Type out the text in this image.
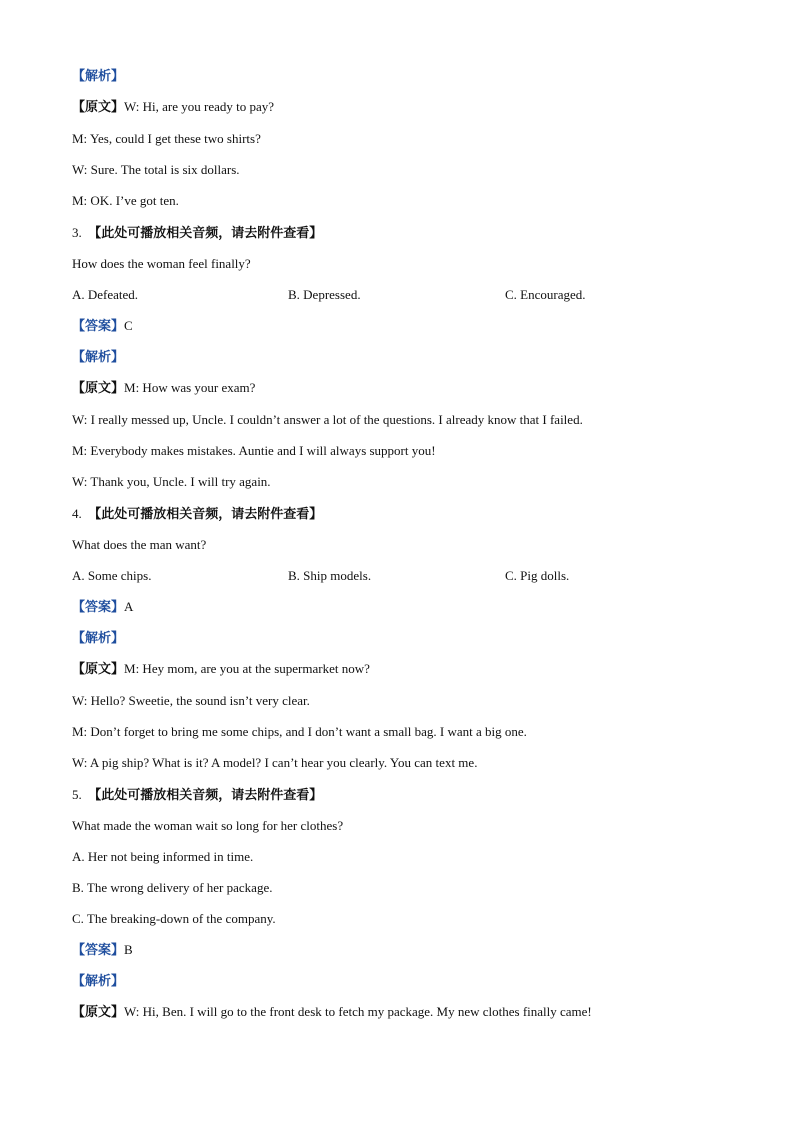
【解析】
【原文】W: Hi, are you ready to pay?
M: Yes, could I get these two shirts?
W: Sure. The total is six dollars.
M: OK. I’ve got ten.
3. 【此处可播放相关音频，请去附件查看】
How does the woman feel finally?
A. Defeated.	B. Depressed.	C. Encouraged.
【答案】C
【解析】
【原文】M: How was your exam?
W: I really messed up, Uncle. I couldn’t answer a lot of the questions. I already know that I failed.
M: Everybody makes mistakes. Auntie and I will always support you!
W: Thank you, Uncle. I will try again.
4. 【此处可播放相关音频，请去附件查看】
What does the man want?
A. Some chips.	B. Ship models.	C. Pig dolls.
【答案】A
【解析】
【原文】M: Hey mom, are you at the supermarket now?
W: Hello? Sweetie, the sound isn’t very clear.
M: Don’t forget to bring me some chips, and I don’t want a small bag. I want a big one.
W: A pig ship? What is it? A model? I can’t hear you clearly. You can text me.
5. 【此处可播放相关音频，请去附件查看】
What made the woman wait so long for her clothes?
A. Her not being informed in time.
B. The wrong delivery of her package.
C. The breaking-down of the company.
【答案】B
【解析】
【原文】W: Hi, Ben. I will go to the front desk to fetch my package. My new clothes finally came!
